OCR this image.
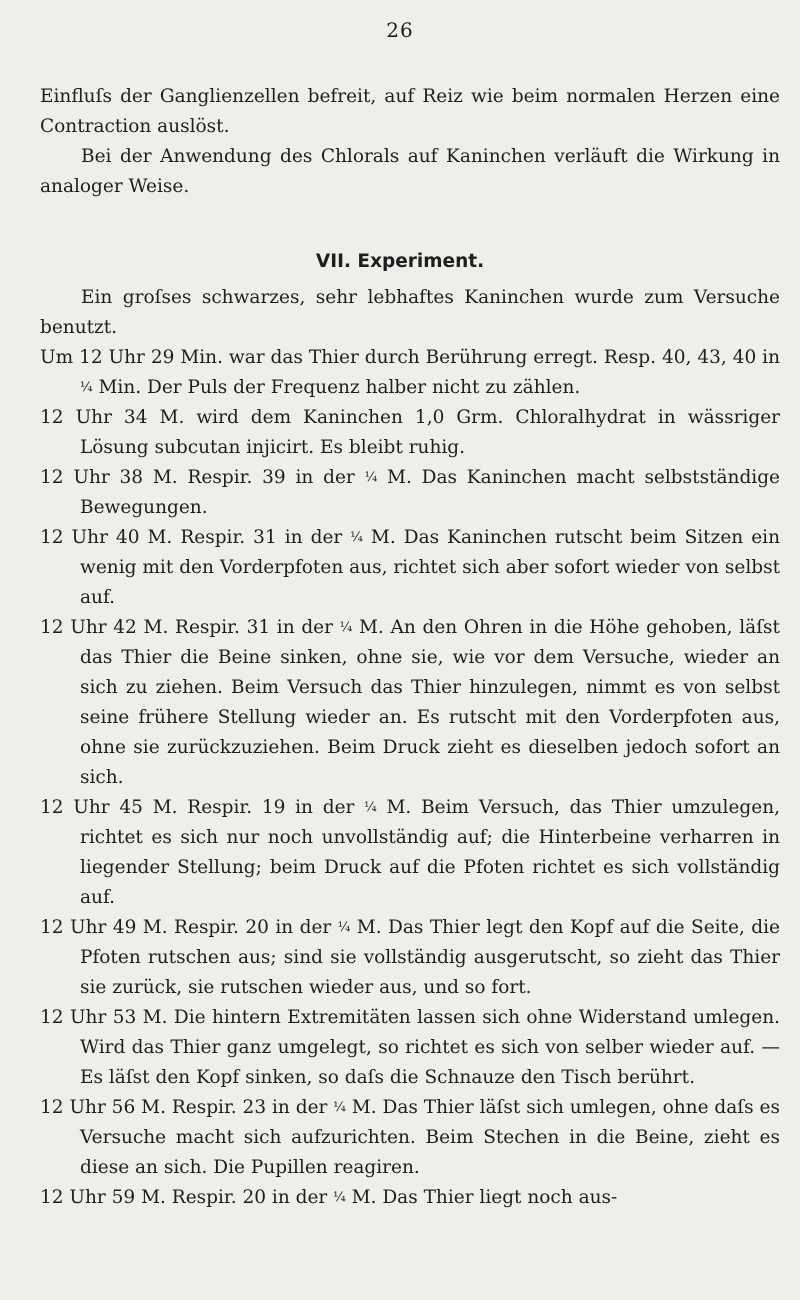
26

Einfluſs der Ganglienzellen befreit, auf Reiz wie beim normalen Herzen eine Contraction auslöst.

Bei der Anwendung des Chlorals auf Kaninchen verläuft die Wirkung in analoger Weise.

VII. Experiment.

Ein groſses schwarzes, sehr lebhaftes Kaninchen wurde zum Versuche benutzt.

Um 12 Uhr 29 Min. war das Thier durch Berührung erregt. Resp. 40, 43, 40 in ¼ Min. Der Puls der Frequenz halber nicht zu zählen.

12 Uhr 34 M. wird dem Kaninchen 1,0 Grm. Chloralhydrat in wässriger Lösung subcutan injicirt. Es bleibt ruhig.

12 Uhr 38 M. Respir. 39 in der ¼ M. Das Kaninchen macht selbstständige Bewegungen.

12 Uhr 40 M. Respir. 31 in der ¼ M. Das Kaninchen rutscht beim Sitzen ein wenig mit den Vorderpfoten aus, richtet sich aber sofort wieder von selbst auf.

12 Uhr 42 M. Respir. 31 in der ¼ M. An den Ohren in die Höhe gehoben, läſst das Thier die Beine sinken, ohne sie, wie vor dem Versuche, wieder an sich zu ziehen. Beim Versuch das Thier hinzulegen, nimmt es von selbst seine frühere Stellung wieder an. Es rutscht mit den Vorderpfoten aus, ohne sie zurückzuziehen. Beim Druck zieht es dieselben jedoch sofort an sich.

12 Uhr 45 M. Respir. 19 in der ¼ M. Beim Versuch, das Thier umzulegen, richtet es sich nur noch unvollständig auf; die Hinterbeine verharren in liegender Stellung; beim Druck auf die Pfoten richtet es sich vollständig auf.

12 Uhr 49 M. Respir. 20 in der ¼ M. Das Thier legt den Kopf auf die Seite, die Pfoten rutschen aus; sind sie vollständig ausgerutscht, so zieht das Thier sie zurück, sie rutschen wieder aus, und so fort.

12 Uhr 53 M. Die hintern Extremitäten lassen sich ohne Widerstand umlegen. Wird das Thier ganz umgelegt, so richtet es sich von selber wieder auf. — Es läſst den Kopf sinken, so daſs die Schnauze den Tisch berührt.

12 Uhr 56 M. Respir. 23 in der ¼ M. Das Thier läſst sich umlegen, ohne daſs es Versuche macht sich aufzurichten. Beim Stechen in die Beine, zieht es diese an sich. Die Pupillen reagiren.

12 Uhr 59 M. Respir. 20 in der ¼ M. Das Thier liegt noch aus-
